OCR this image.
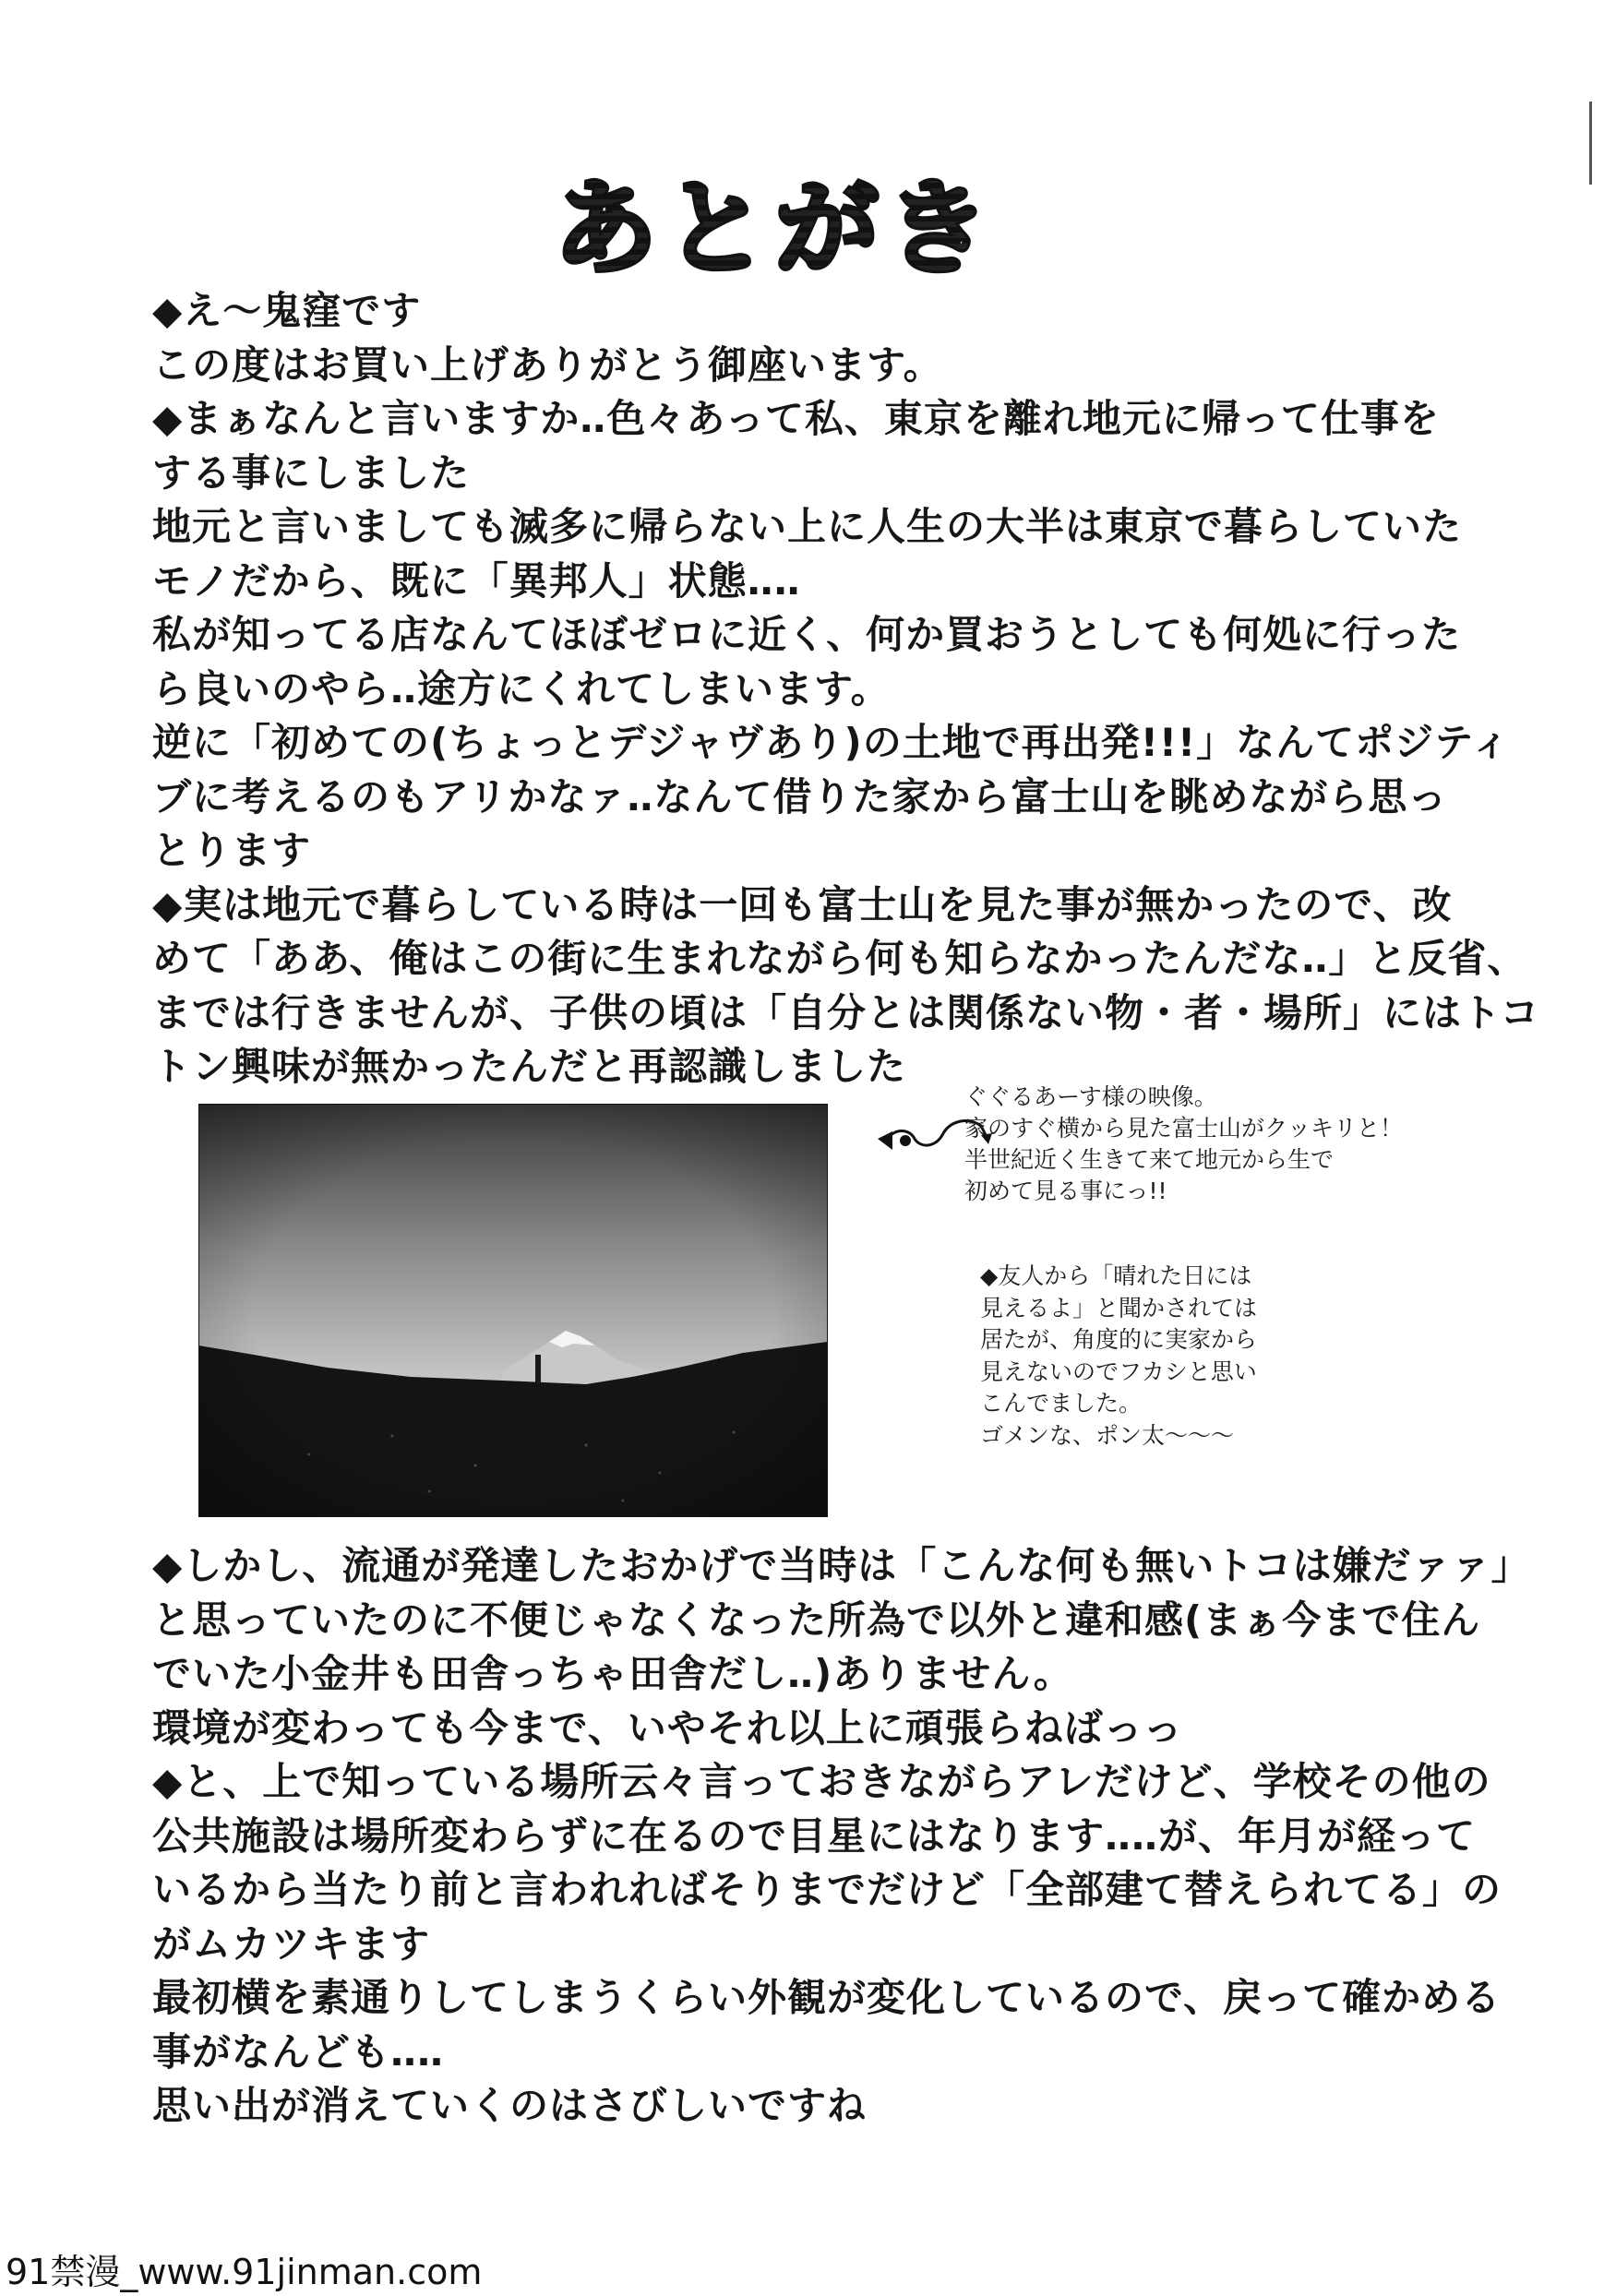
あとがき
◆え～鬼窪です
この度はお買い上げありがとう御座います。
◆まぁなんと言いますか‥色々あって私、東京を離れ地元に帰って仕事を
する事にしました
地元と言いましても滅多に帰らない上に人生の大半は東京で暮らしていた
モノだから、既に「異邦人」状態‥‥
私が知ってる店なんてほぼゼロに近く、何か買おうとしても何処に行った
ら良いのやら‥途方にくれてしまいます。
逆に「初めての(ちょっとデジャヴあり)の土地で再出発!!!」なんてポジティ
ブに考えるのもアリかなァ‥なんて借りた家から富士山を眺めながら思っ
とります
◆実は地元で暮らしている時は一回も富士山を見た事が無かったので、改
めて「ああ、俺はこの街に生まれながら何も知らなかったんだな‥」と反省、
までは行きませんが、子供の頃は「自分とは関係ない物・者・場所」にはトコ
トン興味が無かったんだと再認識しました
ぐぐるあーす様の映像。
家のすぐ横から見た富士山がクッキリと！
半世紀近く生きて来て地元から生で
初めて見る事にっ!!
◆友人から「晴れた日には
見えるよ」と聞かされては
居たが、角度的に実家から
見えないのでフカシと思い
こんでました。
ゴメンな、ポン太〜〜〜
◆しかし、流通が発達したおかげで当時は「こんな何も無いトコは嫌だァァ」
と思っていたのに不便じゃなくなった所為で以外と違和感(まぁ今まで住ん
でいた小金井も田舎っちゃ田舎だし‥)ありません。
環境が変わっても今まで、いやそれ以上に頑張らねばっっ
◆と、上で知っている場所云々言っておきながらアレだけど、学校その他の
公共施設は場所変わらずに在るので目星にはなります‥‥が、年月が経って
いるから当たり前と言われればそりまでだけど「全部建て替えられてる」の
がムカツキます
最初横を素通りしてしまうくらい外観が変化しているので、戻って確かめる
事がなんども‥‥
思い出が消えていくのはさびしいですね
91禁漫_www.91jinman.com
